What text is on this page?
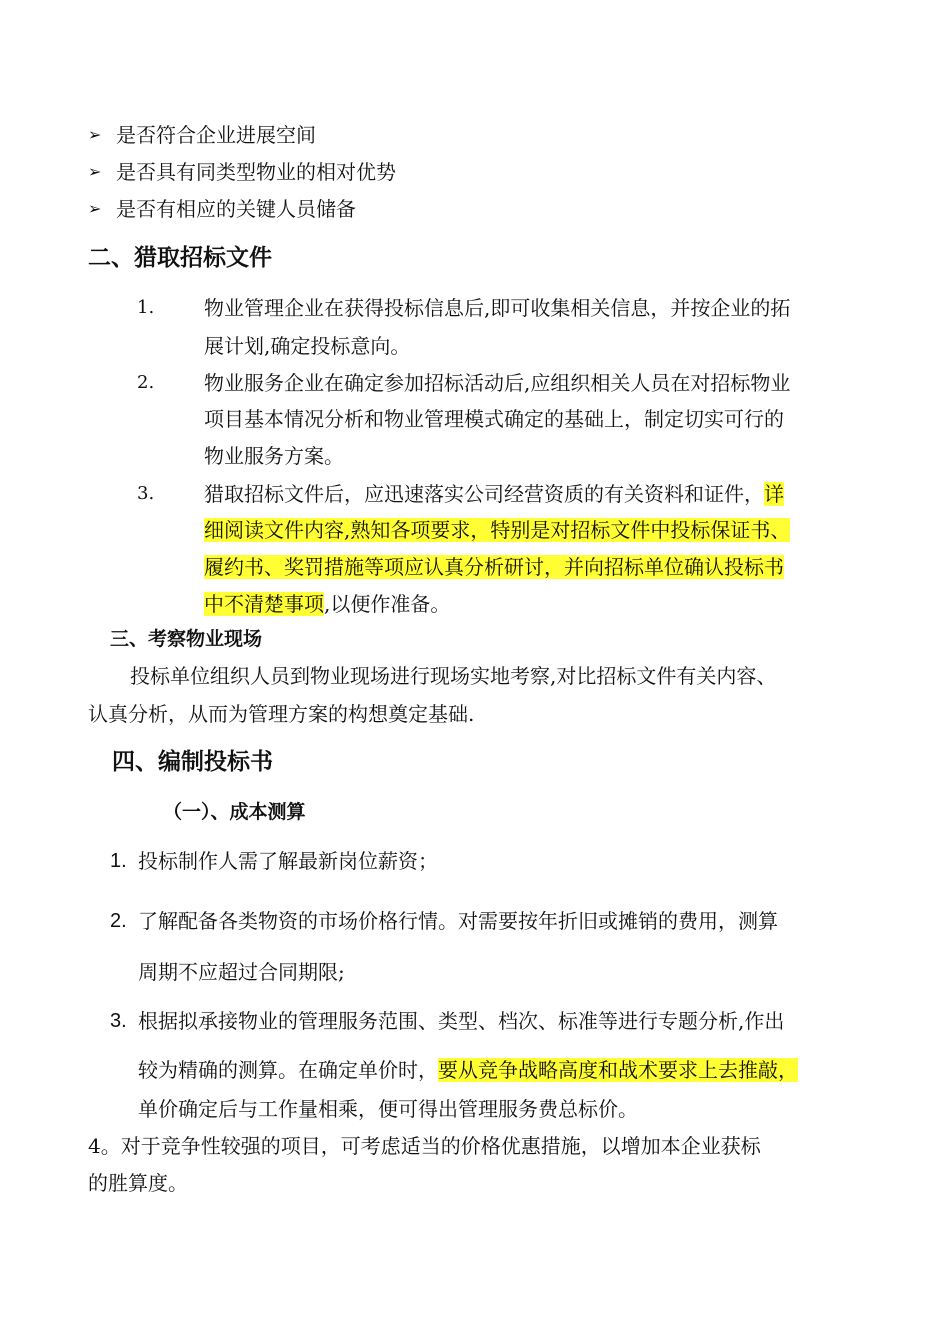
➢ 是否符合企业进展空间
➢ 是否具有同类型物业的相对优势
➢ 是否有相应的关键人员储备
二、猎取招标文件
1. 物业管理企业在获得投标信息后,即可收集相关信息，并按企业的拓
展计划,确定投标意向。
2. 物业服务企业在确定参加招标活动后,应组织相关人员在对招标物业
项目基本情况分析和物业管理模式确定的基础上，制定切实可行的
物业服务方案。
3. 猎取招标文件后，应迅速落实公司经营资质的有关资料和证件，详
细阅读文件内容,熟知各项要求，特别是对招标文件中投标保证书、
履约书、奖罚措施等项应认真分析研讨，并向招标单位确认投标书
中不清楚事项,以便作准备。
三、考察物业现场
投标单位组织人员到物业现场进行现场实地考察,对比招标文件有关内容、
认真分析，从而为管理方案的构想奠定基础.
四、编制投标书
（一）、成本测算
1. 投标制作人需了解最新岗位薪资；
2. 了解配备各类物资的市场价格行情。对需要按年折旧或摊销的费用，测算
周期不应超过合同期限;
3. 根据拟承接物业的管理服务范围、类型、档次、标准等进行专题分析,作出
较为精确的测算。在确定单价时，要从竞争战略高度和战术要求上去推敲，
单价确定后与工作量相乘，便可得出管理服务费总标价。
4。对于竞争性较强的项目，可考虑适当的价格优惠措施，以增加本企业获标
的胜算度。
